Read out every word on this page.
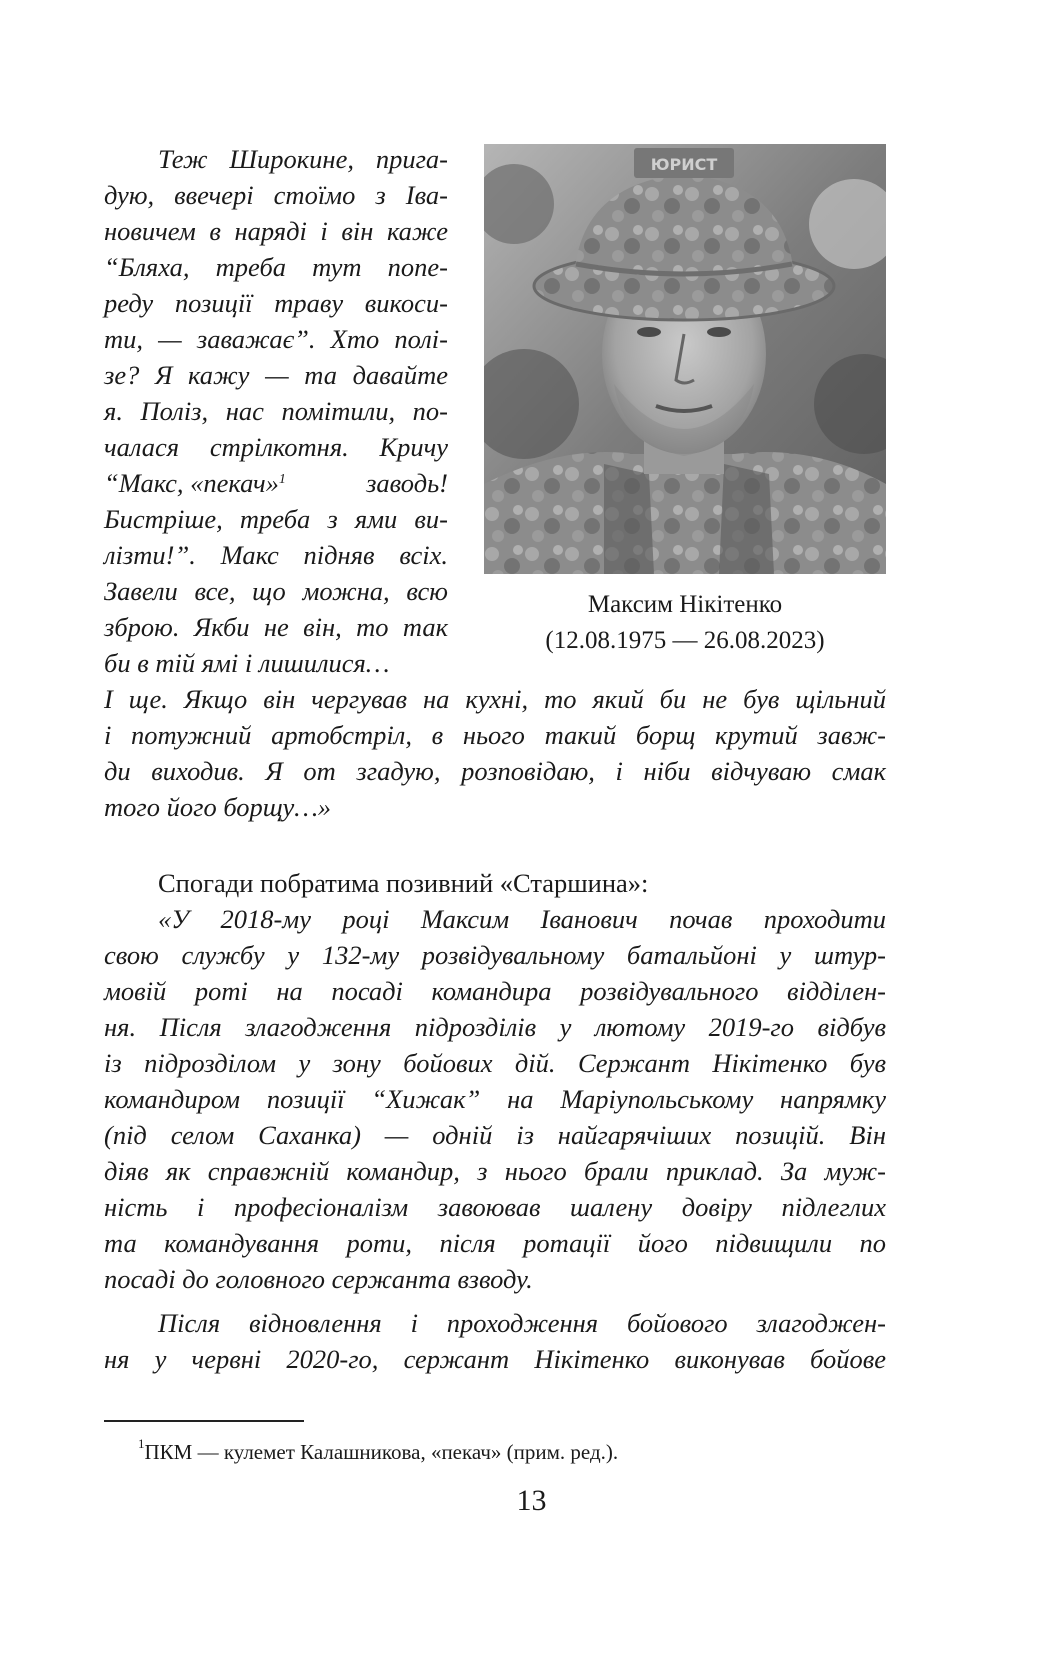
Теж Широкине, прига-
дую, ввечері стоїмо з Іва-
новичем в наряді і він каже
“Бляха, треба тут попе-
реду позиції траву викоси-
ти, — заважає”. Хто полі-
зе? Я кажу — та давайте
я. Поліз, нас помітили, по-
чалася стрілкотня. Кричу
“Макс, «пекач»$^1$	заводь!
Бистріше, треба з ями ви-
лізти!”. Макс підняв всіх.
Завели все, що можна, всю
зброю. Якби не він, то так
би в тій ямі і лишилися…
ЮРИСТ
Максим Нікітенко
(12.08.1975 — 26.08.2023)
І ще. Якщо він чергував на кухні, то який би не був щільний
і потужний артобстріл, в нього такий борщ крутий завж-
ди виходив. Я от згадую, розповідаю, і ніби відчуваю смак
того його борщу…»
Спогади побратима позивний «Старшина»:
«У 2018-му році Максим Іванович почав проходити
свою службу у 132-му розвідувальному батальйоні у штур-
мовій роті на посаді командира розвідувального відділен-
ня. Після злагодження підрозділів у лютому 2019-го відбув
із підрозділом у зону бойових дій. Сержант Нікітенко був
командиром позиції “Хижак” на Маріупольському напрямку
(під селом Саханка) — одній із найгарячіших позицій. Він
діяв як справжній командир, з нього брали приклад. За муж-
ність і професіоналізм завоював шалену довіру підлеглих
та командування роти, після ротації його підвищили по
посаді до головного сержанта взводу.
Після відновлення і проходження бойового злагоджен-
ня у червні 2020-го, сержант Нікітенко виконував бойове
$^1$ПКМ — кулемет Калашникова, «пекач» (прим. ред.).
13
